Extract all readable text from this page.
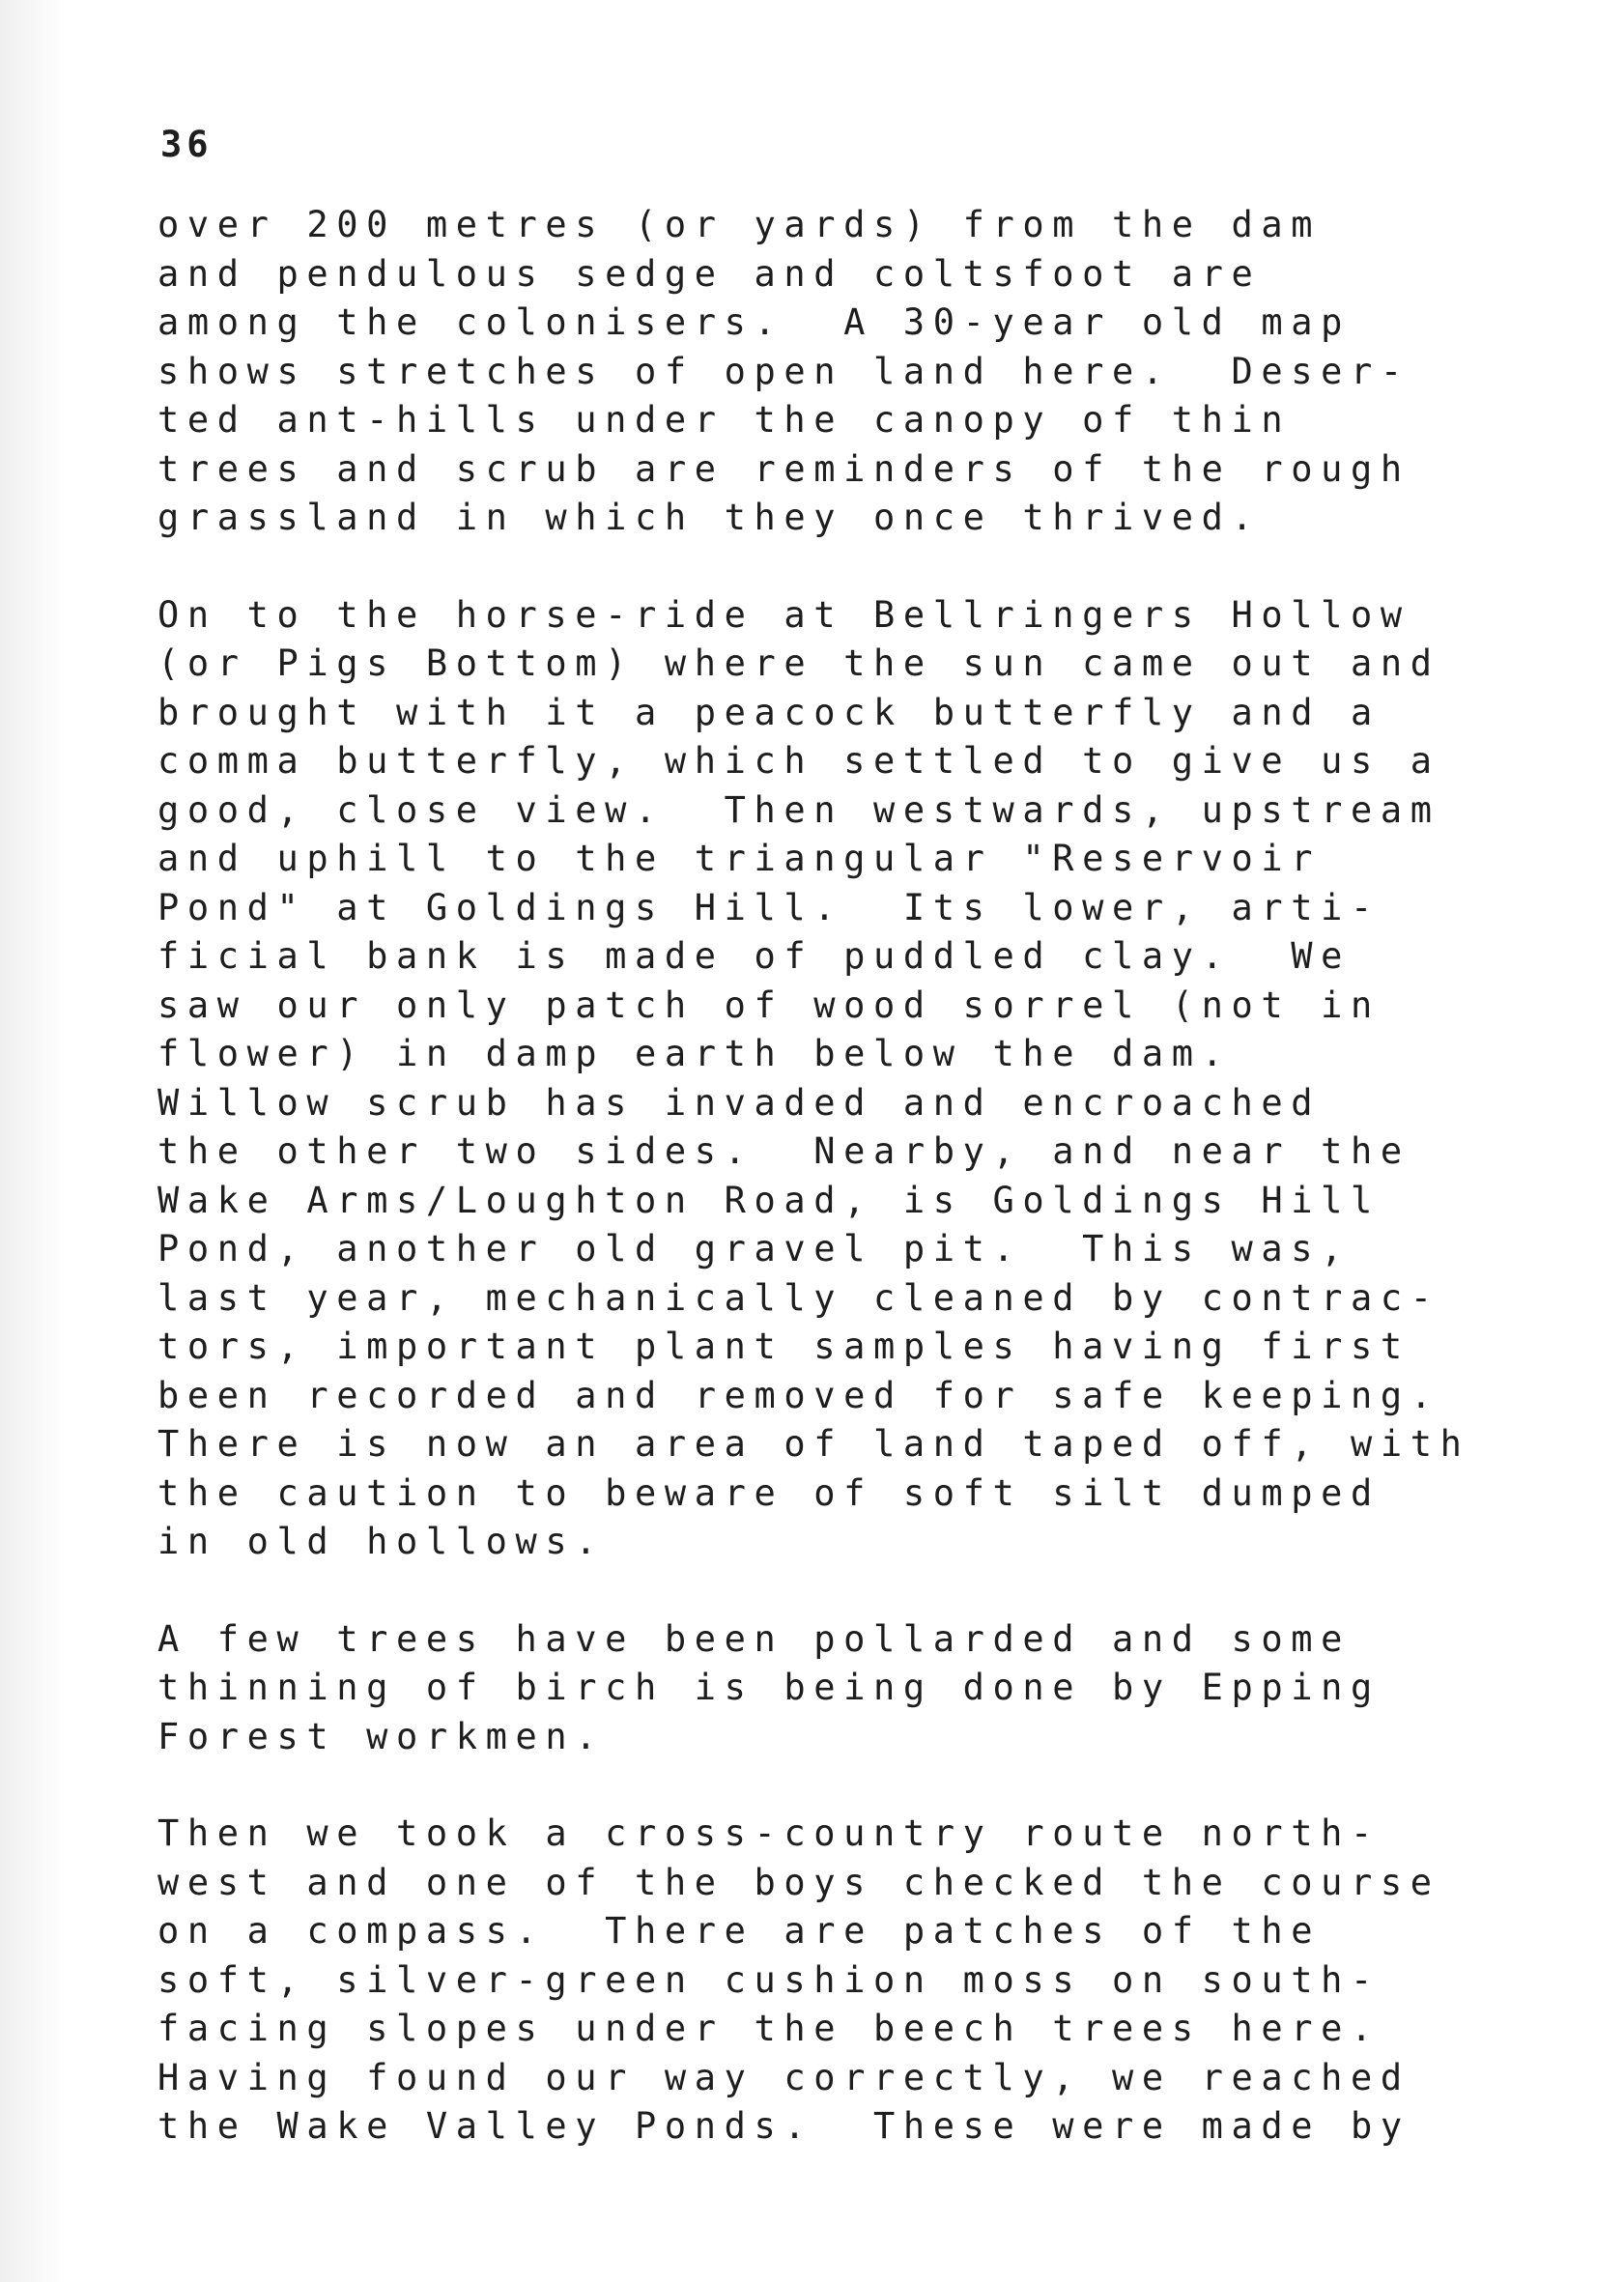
36
over 200 metres (or yards) from the dam
and pendulous sedge and coltsfoot are
among the colonisers.  A 30-year old map
shows stretches of open land here.  Deser-
ted ant-hills under the canopy of thin
trees and scrub are reminders of the rough
grassland in which they once thrived.
On to the horse-ride at Bellringers Hollow
(or Pigs Bottom) where the sun came out and
brought with it a peacock butterfly and a
comma butterfly, which settled to give us a
good, close view.  Then westwards, upstream
and uphill to the triangular "Reservoir
Pond" at Goldings Hill.  Its lower, arti-
ficial bank is made of puddled clay.  We
saw our only patch of wood sorrel (not in
flower) in damp earth below the dam.
Willow scrub has invaded and encroached
the other two sides.  Nearby, and near the
Wake Arms/Loughton Road, is Goldings Hill
Pond, another old gravel pit.  This was,
last year, mechanically cleaned by contrac-
tors, important plant samples having first
been recorded and removed for safe keeping.
There is now an area of land taped off, with
the caution to beware of soft silt dumped
in old hollows.
A few trees have been pollarded and some
thinning of birch is being done by Epping
Forest workmen.
Then we took a cross-country route north-
west and one of the boys checked the course
on a compass.  There are patches of the
soft, silver-green cushion moss on south-
facing slopes under the beech trees here.
Having found our way correctly, we reached
the Wake Valley Ponds.  These were made by
